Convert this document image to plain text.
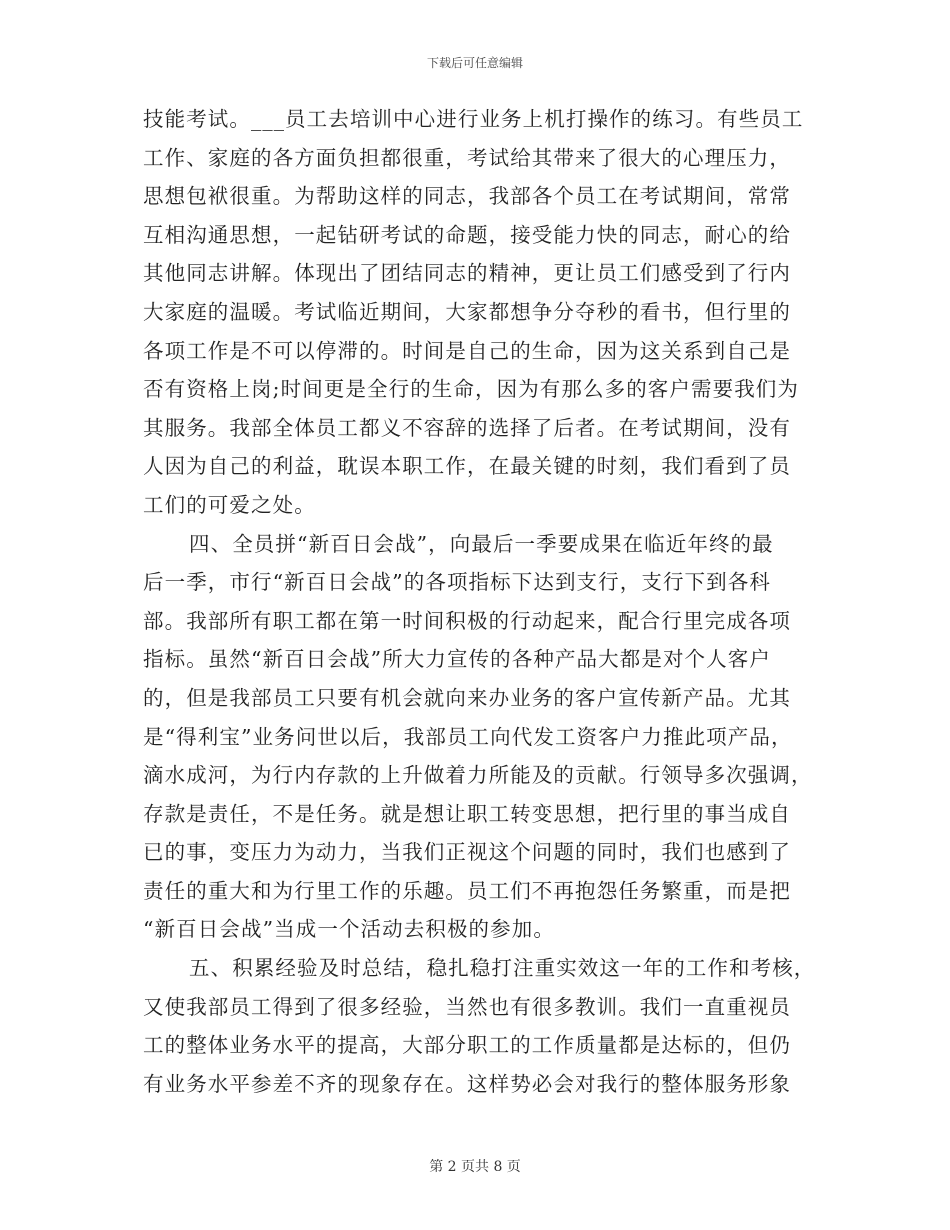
下载后可任意编辑
技能考试。___员工去培训中心进行业务上机打操作的练习。有些员工
工作、家庭的各方面负担都很重，考试给其带来了很大的心理压力，
思想包袱很重。为帮助这样的同志，我部各个员工在考试期间，常常
互相沟通思想，一起钻研考试的命题，接受能力快的同志，耐心的给
其他同志讲解。体现出了团结同志的精神，更让员工们感受到了行内
大家庭的温暖。考试临近期间，大家都想争分夺秒的看书，但行里的
各项工作是不可以停滞的。时间是自己的生命，因为这关系到自己是
否有资格上岗;时间更是全行的生命，因为有那么多的客户需要我们为
其服务。我部全体员工都义不容辞的选择了后者。在考试期间，没有
人因为自己的利益，耽误本职工作，在最关键的时刻，我们看到了员
工们的可爱之处。
四、全员拼“新百日会战”，向最后一季要成果在临近年终的最
后一季，市行“新百日会战”的各项指标下达到支行，支行下到各科
部。我部所有职工都在第一时间积极的行动起来，配合行里完成各项
指标。虽然“新百日会战”所大力宣传的各种产品大都是对个人客户
的，但是我部员工只要有机会就向来办业务的客户宣传新产品。尤其
是“得利宝”业务问世以后，我部员工向代发工资客户力推此项产品，
滴水成河，为行内存款的上升做着力所能及的贡献。行领导多次强调，
存款是责任，不是任务。就是想让职工转变思想，把行里的事当成自
已的事，变压力为动力，当我们正视这个问题的同时，我们也感到了
责任的重大和为行里工作的乐趣。员工们不再抱怨任务繁重，而是把
“新百日会战”当成一个活动去积极的参加。
五、积累经验及时总结，稳扎稳打注重实效这一年的工作和考核，
又使我部员工得到了很多经验，当然也有很多教训。我们一直重视员
工的整体业务水平的提高，大部分职工的工作质量都是达标的，但仍
有业务水平参差不齐的现象存在。这样势必会对我行的整体服务形象
第 2 页共 8 页
